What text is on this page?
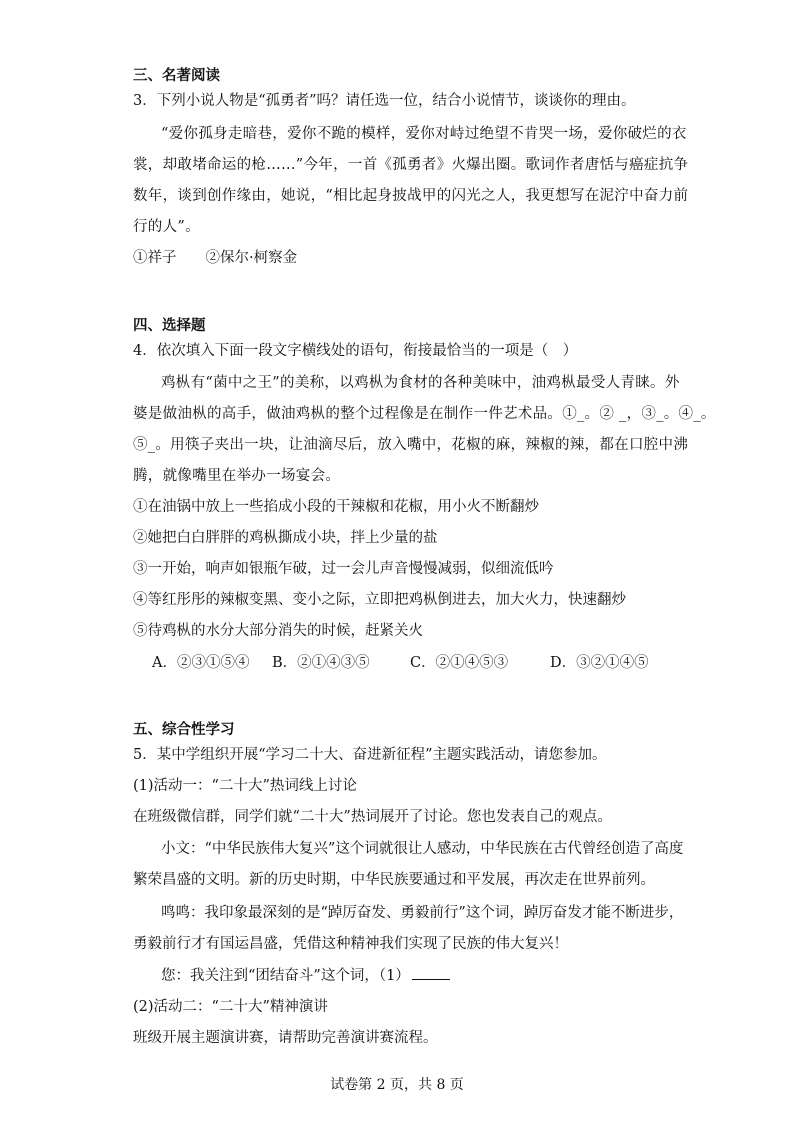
三、名著阅读
3．下列小说人物是“孤勇者”吗？请任选一位，结合小说情节，谈谈你的理由。
“爱你孤身走暗巷，爱你不跪的模样，爱你对峙过绝望不肯哭一场，爱你破烂的衣
裳，却敢堵命运的枪……”今年，一首《孤勇者》火爆出圈。歌词作者唐恬与癌症抗争
数年，谈到创作缘由，她说，“相比起身披战甲的闪光之人，我更想写在泥泞中奋力前
行的人”。
①祥子　　②保尔·柯察金
四、选择题
4．依次填入下面一段文字横线处的语句，衔接最恰当的一项是（　）
鸡枞有“菌中之王”的美称，以鸡枞为食材的各种美味中，油鸡枞最受人青睐。外
婆是做油枞的高手，做油鸡枞的整个过程像是在制作一件艺术品。①_。② _，③_。④_。
⑤_。用筷子夹出一块，让油滴尽后，放入嘴中，花椒的麻，辣椒的辣，都在口腔中沸
腾，就像嘴里在举办一场宴会。
①在油锅中放上一些掐成小段的干辣椒和花椒，用小火不断翻炒
②她把白白胖胖的鸡枞撕成小块，拌上少量的盐
③一开始，响声如银瓶乍破，过一会儿声音慢慢减弱，似细流低吟
④等红彤彤的辣椒变黑、变小之际，立即把鸡枞倒进去，加大火力，快速翻炒
⑤待鸡枞的水分大部分消失的时候，赶紧关火
A．②③①⑤④ B．②①④③⑤	C．②①④⑤③	D．③②①④⑤
五、综合性学习
5．某中学组织开展“学习二十大、奋进新征程”主题实践活动，请您参加。
(1)活动一：“二十大”热词线上讨论
在班级微信群，同学们就“二十大”热词展开了讨论。您也发表自己的观点。
小文：“中华民族伟大复兴”这个词就很让人感动，中华民族在古代曾经创造了高度
繁荣昌盛的文明。新的历史时期，中华民族要通过和平发展，再次走在世界前列。
鸣鸣：我印象最深刻的是“踔厉奋发、勇毅前行”这个词，踔厉奋发才能不断进步，
勇毅前行才有国运昌盛，凭借这种精神我们实现了民族的伟大复兴！
您：我关注到“团结奋斗”这个词，（1）
(2)活动二：“二十大”精神演讲
班级开展主题演讲赛，请帮助完善演讲赛流程。
试卷第 2 页，共 8 页
